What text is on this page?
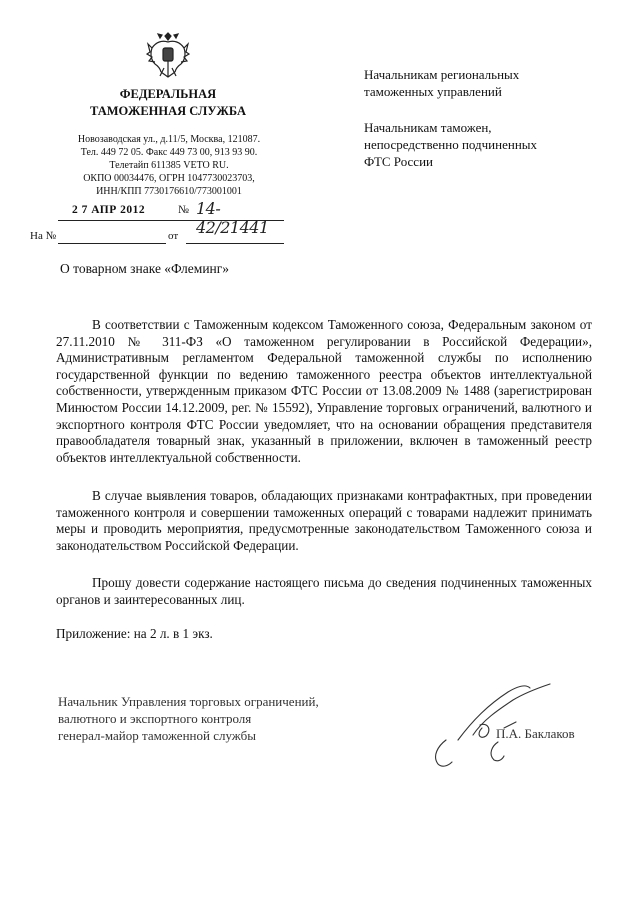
ФЕДЕРАЛЬНАЯ
ТАМОЖЕННАЯ СЛУЖБА
Новозаводская ул., д.11/5, Москва, 121087.
Тел. 449 72 05. Факс 449 73 00, 913 93 90.
Телетайп 611385 VETO RU.
ОКПО 00034476, ОГРН 1047730023703,
ИНН/КПП 7730176610/773001001
2 7 АПР 2012	№ 14-42/21441
На №	от
Начальникам региональных
таможенных управлений
Начальникам таможен,
непосредственно подчиненных
ФТС России
О товарном знаке «Флеминг»

В соответствии с Таможенным кодексом Таможенного союза, Федеральным законом от 27.11.2010 № 311-ФЗ «О таможенном регулировании в Российской Федерации», Административным регламентом Федеральной таможенной службы по исполнению государственной функции по ведению таможенного реестра объектов интеллектуальной собственности, утвержденным приказом ФТС России от 13.08.2009 № 1488 (зарегистрирован Минюстом России 14.12.2009, рег. № 15592), Управление торговых ограничений, валютного и экспортного контроля ФТС России уведомляет, что на основании обращения представителя правообладателя товарный знак, указанный в приложении, включен в таможенный реестр объектов интеллектуальной собственности.

В случае выявления товаров, обладающих признаками контрафактных, при проведении таможенного контроля и совершении таможенных операций с товарами надлежит принимать меры и проводить мероприятия, предусмотренные законодательством Таможенного союза и законодательством Российской Федерации.

Прошу довести содержание настоящего письма до сведения подчиненных таможенных органов и заинтересованных лиц.

Приложение: на 2 л. в 1 экз.
Начальник Управления торговых ограничений,
валютного и экспортного контроля
генерал-майор таможенной службы	П.А. Баклаков
